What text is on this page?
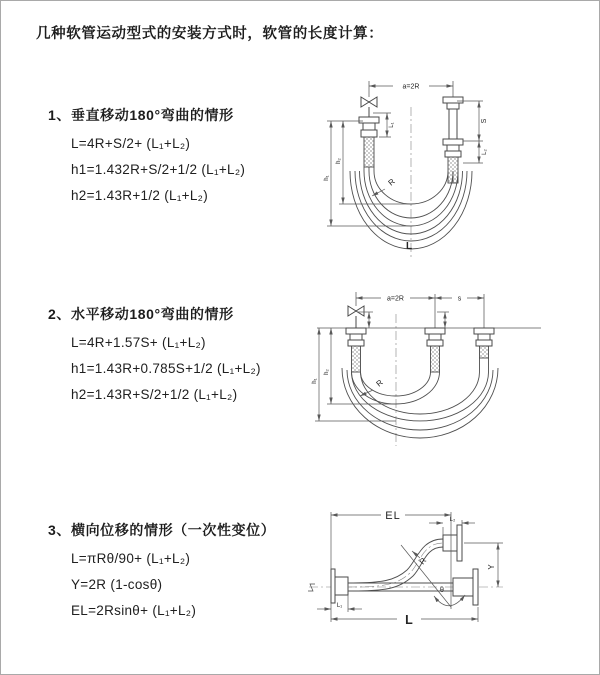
几种软管运动型式的安装方式时，软管的长度计算：
1、垂直移动180°弯曲的情形
L=4R+S/2+ (L₁+L₂)
h1=1.432R+S/2+1/2 (L₁+L₂)
h2=1.43R+1/2 (L₁+L₂)
2、水平移动180°弯曲的情形
L=4R+1.57S+ (L₁+L₂)
h1=1.43R+0.785S+1/2 (L₁+L₂)
h2=1.43R+S/2+1/2 (L₁+L₂)
3、横向位移的情形（一次性变位）
L=πRθ/90+ (L₁+L₂)
Y=2R (1-cosθ)
EL=2Rsinθ+ (L₁+L₂)
a=2R
L₁
S
L₂
h₂
h₁	R
L
a=2R	s
h₂
h₁	R
EL	L₂
Y
θ
R
L₁
L
